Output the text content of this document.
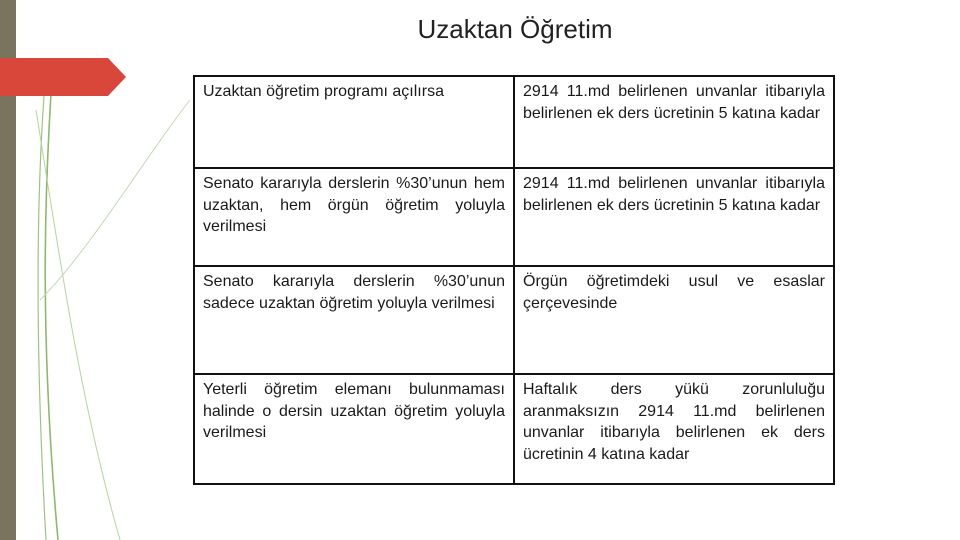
Uzaktan Öğretim
Uzaktan öğretim programı açılırsa	2914 11.md belirlenen unvanlar itibarıyla belirlenen ek ders ücretinin 5 katına kadar
Senato kararıyla derslerin %30’unun hem uzaktan, hem örgün öğretim yoluyla verilmesi	2914 11.md belirlenen unvanlar itibarıyla belirlenen ek ders ücretinin 5 katına kadar
Senato kararıyla derslerin %30’unun sadece uzaktan öğretim yoluyla verilmesi	Örgün öğretimdeki usul ve esaslar çerçevesinde
Yeterli öğretim elemanı bulunmaması halinde o dersin uzaktan öğretim yoluyla verilmesi	Haftalık ders yükü zorunluluğu aranmaksızın 2914 11.md belirlenen unvanlar itibarıyla belirlenen ek ders ücretinin 4 katına kadar
